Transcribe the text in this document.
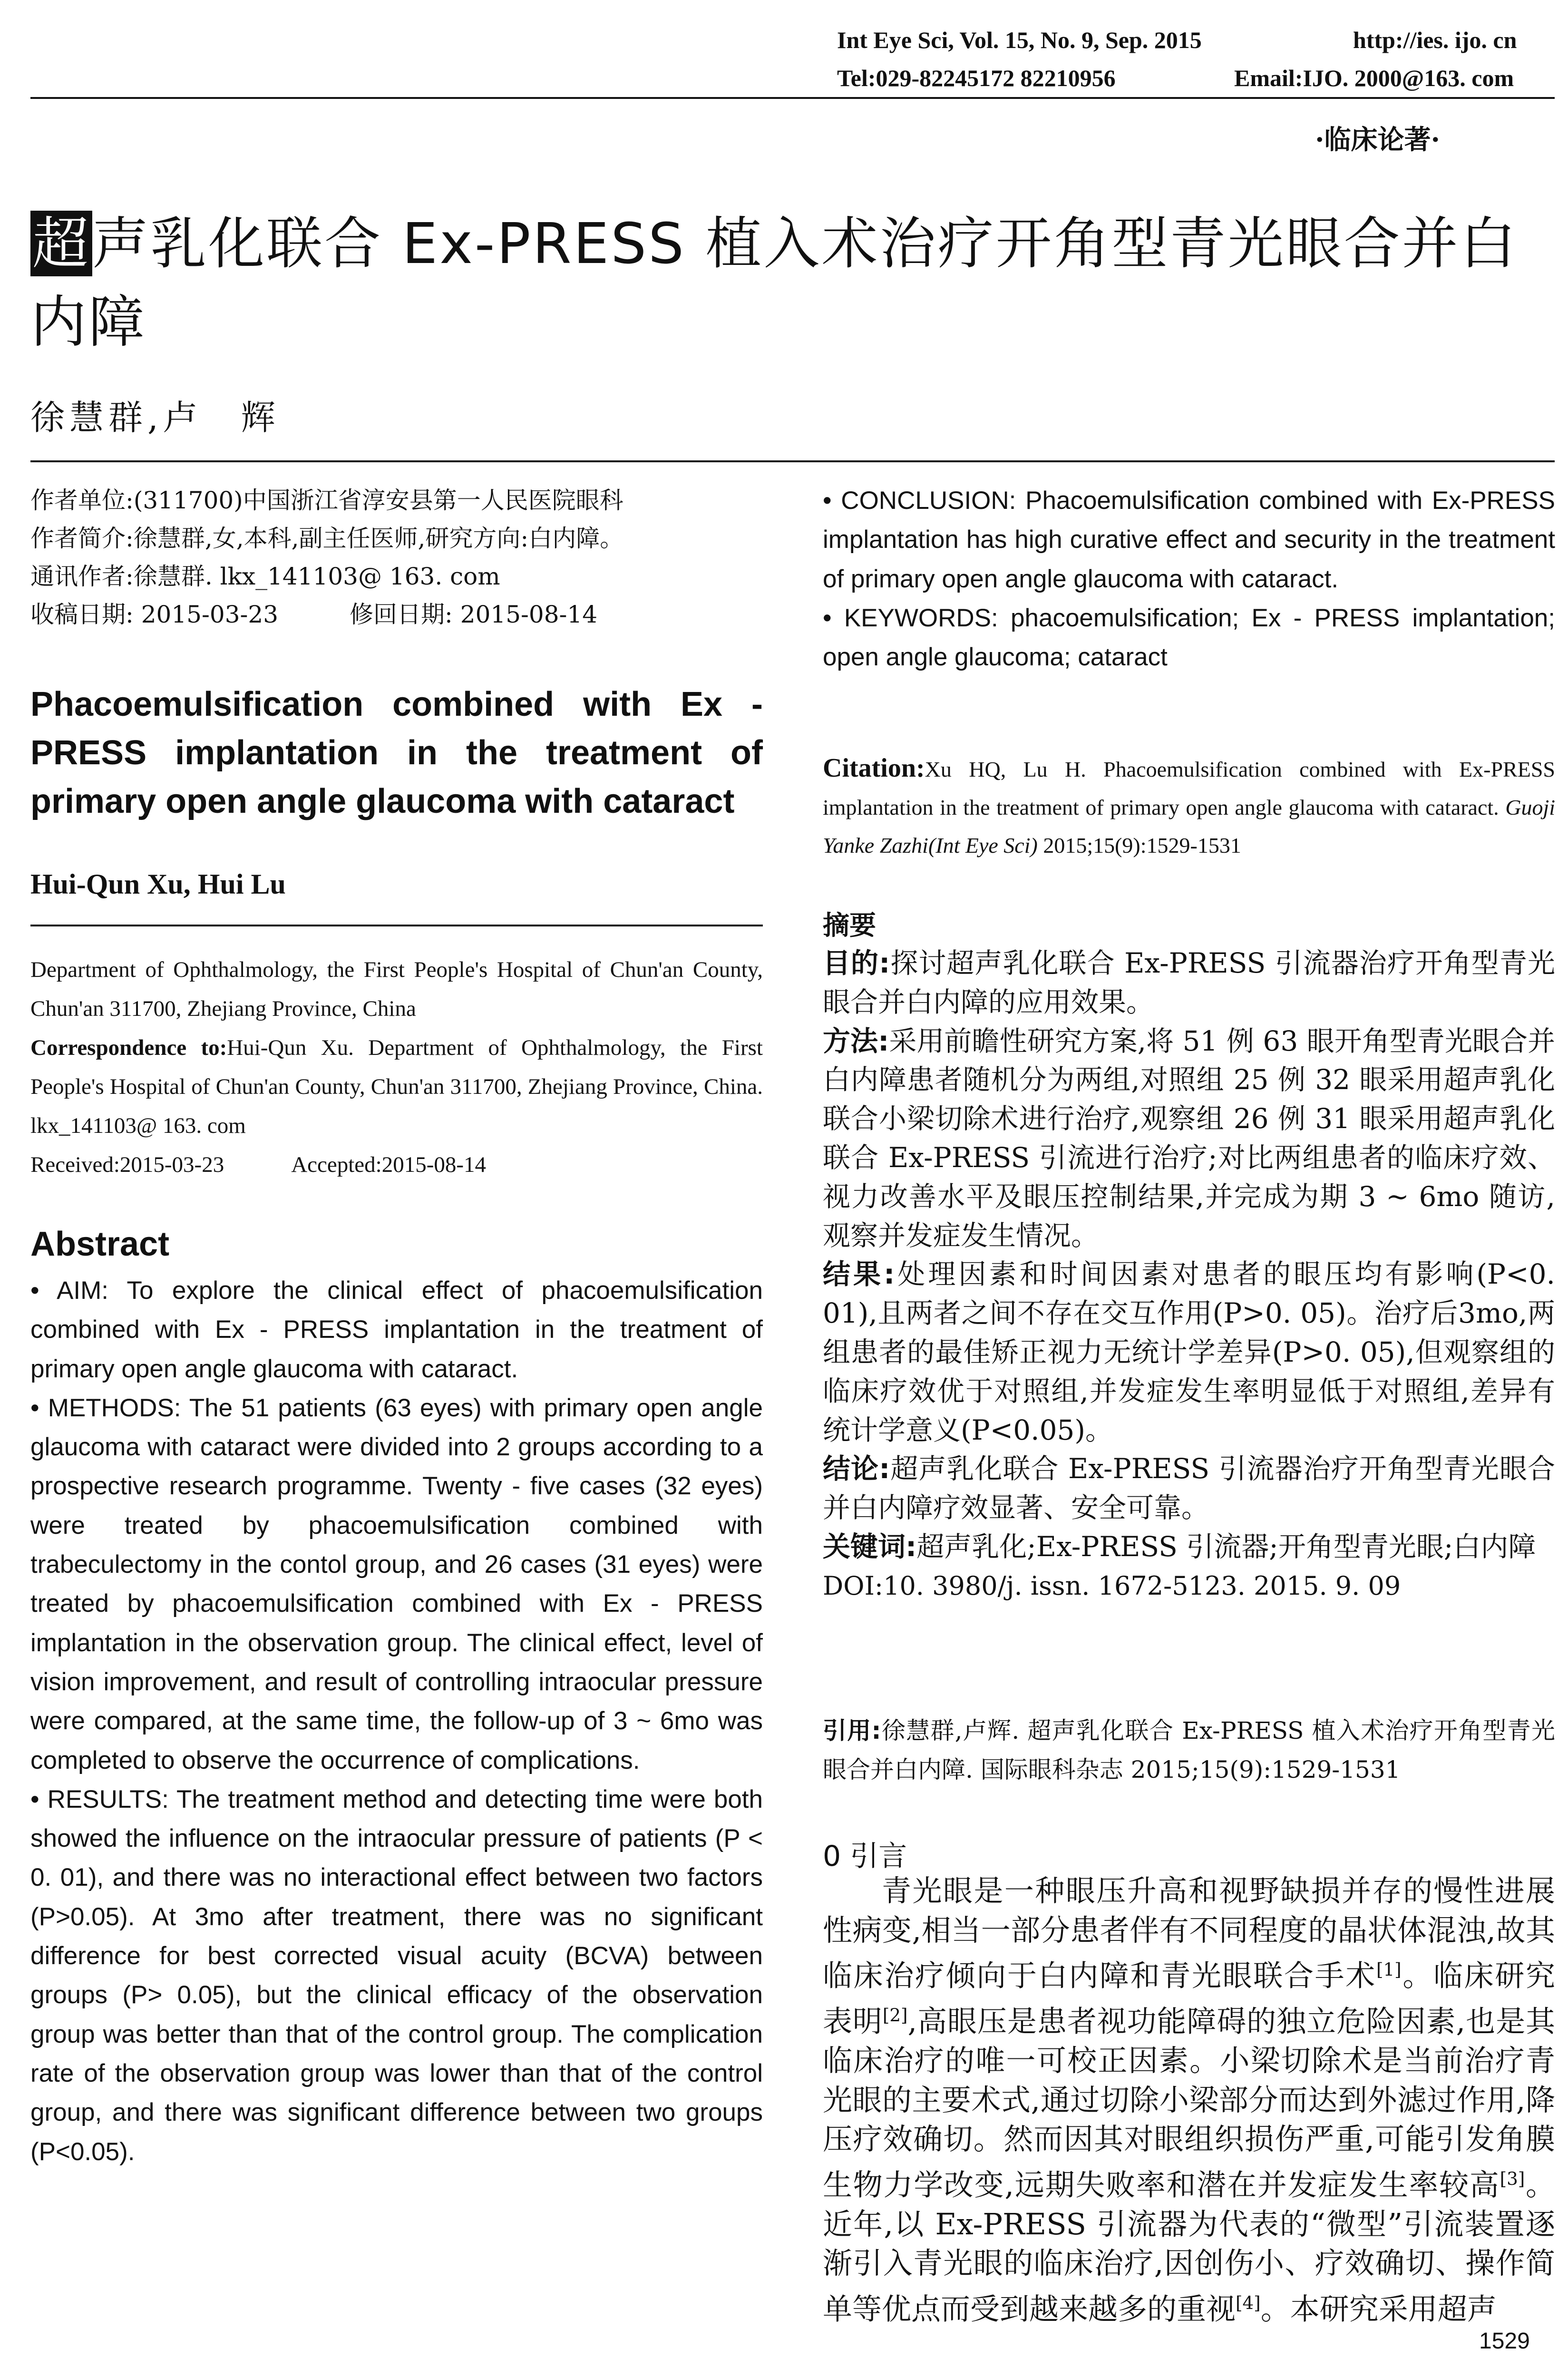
Int Eye Sci, Vol. 15, No. 9, Sep. 2015	http://ies. ijo. cn
Tel:029-82245172 82210956	Email:IJO. 2000@163. com
·临床论著·
超声乳化联合 Ex-PRESS 植入术治疗开角型青光眼合并白内障
徐慧群,卢　辉
作者单位:(311700)中国浙江省淳安县第一人民医院眼科
作者简介:徐慧群,女,本科,副主任医师,研究方向:白内障。
通讯作者:徐慧群. lkx_141103@ 163. com
收稿日期: 2015-03-23　　　修回日期: 2015-08-14
Phacoemulsification combined with Ex - PRESS implantation in the treatment of primary open angle glaucoma with cataract
Hui-Qun Xu, Hui Lu

Department of Ophthalmology, the First People's Hospital of Chun'an County, Chun'an 311700, Zhejiang Province, China

Correspondence to:Hui-Qun Xu. Department of Ophthalmology, the First People's Hospital of Chun'an County, Chun'an 311700, Zhejiang Province, China. lkx_141103@ 163. com

Received:2015-03-23　　　Accepted:2015-08-14

Abstract

• AIM: To explore the clinical effect of phacoemulsification combined with Ex - PRESS implantation in the treatment of primary open angle glaucoma with cataract.

• METHODS: The 51 patients (63 eyes) with primary open angle glaucoma with cataract were divided into 2 groups according to a prospective research programme. Twenty - five cases (32 eyes) were treated by phacoemulsification combined with trabeculectomy in the contol group, and 26 cases (31 eyes) were treated by phacoemulsification combined with Ex - PRESS implantation in the observation group. The clinical effect, level of vision improvement, and result of controlling intraocular pressure were compared, at the same time, the follow-up of 3 ~ 6mo was completed to observe the occurrence of complications.

• RESULTS: The treatment method and detecting time were both showed the influence on the intraocular pressure of patients (P < 0. 01), and there was no interactional effect between two factors (P>0.05). At 3mo after treatment, there was no significant difference for best corrected visual acuity (BCVA) between groups (P> 0.05), but the clinical efficacy of the observation group was better than that of the control group. The complication rate of the observation group was lower than that of the control group, and there was significant difference between two groups (P<0.05).

• CONCLUSION: Phacoemulsification combined with Ex-PRESS implantation has high curative effect and security in the treatment of primary open angle glaucoma with cataract.

• KEYWORDS: phacoemulsification; Ex - PRESS implantation; open angle glaucoma; cataract

Citation:Xu HQ, Lu H. Phacoemulsification combined with Ex-PRESS implantation in the treatment of primary open angle glaucoma with cataract. Guoji Yanke Zazhi(Int Eye Sci) 2015;15(9):1529-1531
摘要

目的:探讨超声乳化联合 Ex-PRESS 引流器治疗开角型青光眼合并白内障的应用效果。

方法:采用前瞻性研究方案,将 51 例 63 眼开角型青光眼合并白内障患者随机分为两组,对照组 25 例 32 眼采用超声乳化联合小梁切除术进行治疗,观察组 26 例 31 眼采用超声乳化联合 Ex-PRESS 引流进行治疗;对比两组患者的临床疗效、视力改善水平及眼压控制结果,并完成为期 3 ~ 6mo 随访,观察并发症发生情况。

结果:处理因素和时间因素对患者的眼压均有影响(P<0. 01),且两者之间不存在交互作用(P>0. 05)。治疗后3mo,两组患者的最佳矫正视力无统计学差异(P>0. 05),但观察组的临床疗效优于对照组,并发症发生率明显低于对照组,差异有统计学意义(P<0.05)。

结论:超声乳化联合 Ex-PRESS 引流器治疗开角型青光眼合并白内障疗效显著、安全可靠。

关键词:超声乳化;Ex-PRESS 引流器;开角型青光眼;白内障

DOI:10. 3980/j. issn. 1672-5123. 2015. 9. 09

引用:徐慧群,卢辉. 超声乳化联合 Ex-PRESS 植入术治疗开角型青光眼合并白内障. 国际眼科杂志 2015;15(9):1529-1531
0 引言
青光眼是一种眼压升高和视野缺损并存的慢性进展性病变,相当一部分患者伴有不同程度的晶状体混浊,故其临床治疗倾向于白内障和青光眼联合手术[1]。临床研究表明[2],高眼压是患者视功能障碍的独立危险因素,也是其临床治疗的唯一可校正因素。小梁切除术是当前治疗青光眼的主要术式,通过切除小梁部分而达到外滤过作用,降压疗效确切。然而因其对眼组织损伤严重,可能引发角膜生物力学改变,远期失败率和潜在并发症发生率较高[3]。近年,以 Ex-PRESS 引流器为代表的“微型”引流装置逐渐引入青光眼的临床治疗,因创伤小、疗效确切、操作简单等优点而受到越来越多的重视[4]。本研究采用超声
1529
